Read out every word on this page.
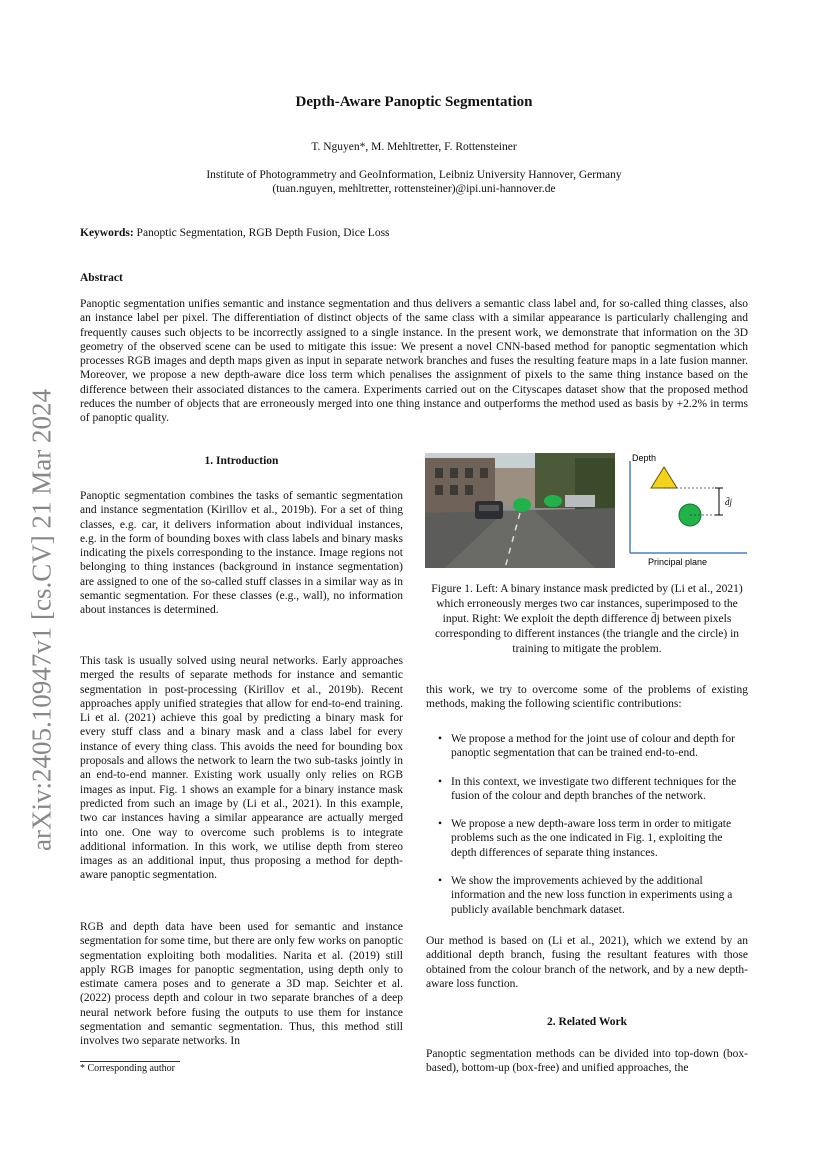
Depth-Aware Panoptic Segmentation
T. Nguyen*, M. Mehltretter, F. Rottensteiner
Institute of Photogrammetry and GeoInformation, Leibniz University Hannover, Germany
(tuan.nguyen, mehltretter, rottensteiner)@ipi.uni-hannover.de
Keywords: Panoptic Segmentation, RGB Depth Fusion, Dice Loss
Abstract
Panoptic segmentation unifies semantic and instance segmentation and thus delivers a semantic class label and, for so-called thing classes, also an instance label per pixel. The differentiation of distinct objects of the same class with a similar appearance is particularly challenging and frequently causes such objects to be incorrectly assigned to a single instance. In the present work, we demonstrate that information on the 3D geometry of the observed scene can be used to mitigate this issue: We present a novel CNN-based method for panoptic segmentation which processes RGB images and depth maps given as input in separate network branches and fuses the resulting feature maps in a late fusion manner. Moreover, we propose a new depth-aware dice loss term which penalises the assignment of pixels to the same thing instance based on the difference between their associated distances to the camera. Experiments carried out on the Cityscapes dataset show that the proposed method reduces the number of objects that are erroneously merged into one thing instance and outperforms the method used as basis by +2.2% in terms of panoptic quality.
arXiv:2405.10947v1 [cs.CV] 21 Mar 2024	1. Introduction
Panoptic segmentation combines the tasks of semantic segmentation and instance segmentation (Kirillov et al., 2019b). For a set of thing classes, e.g. car, it delivers information about individual instances, e.g. in the form of bounding boxes with class labels and binary masks indicating the pixels corresponding to the instance. Image regions not belonging to thing instances (background in instance segmentation) are assigned to one of the so-called stuff classes in a similar way as in semantic segmentation. For these classes (e.g., wall), no information about instances is determined.
This task is usually solved using neural networks. Early approaches merged the results of separate methods for instance and semantic segmentation in post-processing (Kirillov et al., 2019b). Recent approaches apply unified strategies that allow for end-to-end training. Li et al. (2021) achieve this goal by predicting a binary mask for every stuff class and a binary mask and a class label for every instance of every thing class. This avoids the need for bounding box proposals and allows the network to learn the two sub-tasks jointly in an end-to-end manner. Existing work usually only relies on RGB images as input. Fig. 1 shows an example for a binary instance mask predicted from such an image by (Li et al., 2021). In this example, two car instances having a similar appearance are actually merged into one. One way to overcome such problems is to integrate additional information. In this work, we utilise depth from stereo images as an additional input, thus proposing a method for depth-aware panoptic segmentation.
RGB and depth data have been used for semantic and instance segmentation for some time, but there are only few works on panoptic segmentation exploiting both modalities. Narita et al. (2019) still apply RGB images for panoptic segmentation, using depth only to estimate camera poses and to generate a 3D map. Seichter et al. (2022) process depth and colour in two separate branches of a deep neural network before fusing the outputs to use them for instance segmentation and semantic segmentation. Thus, this method still involves two separate networks. In
* Corresponding author
Depth
d̄j
Principal plane
Figure 1. Left: A binary instance mask predicted by (Li et al., 2021) which erroneously merges two car instances, superimposed to the input. Right: We exploit the depth difference d̄j between pixels corresponding to different instances (the triangle and the circle) in training to mitigate the problem.
this work, we try to overcome some of the problems of existing methods, making the following scientific contributions:
• We propose a method for the joint use of colour and depth for panoptic segmentation that can be trained end-to-end.
• In this context, we investigate two different techniques for the fusion of the colour and depth branches of the network.
• We propose a new depth-aware loss term in order to mitigate problems such as the one indicated in Fig. 1, exploiting the depth differences of separate thing instances.
• We show the improvements achieved by the additional information and the new loss function in experiments using a publicly available benchmark dataset.
Our method is based on (Li et al., 2021), which we extend by an additional depth branch, fusing the resultant features with those obtained from the colour branch of the network, and by a new depth-aware loss function.
2. Related Work
Panoptic segmentation methods can be divided into top-down (box-based), bottom-up (box-free) and unified approaches, the
